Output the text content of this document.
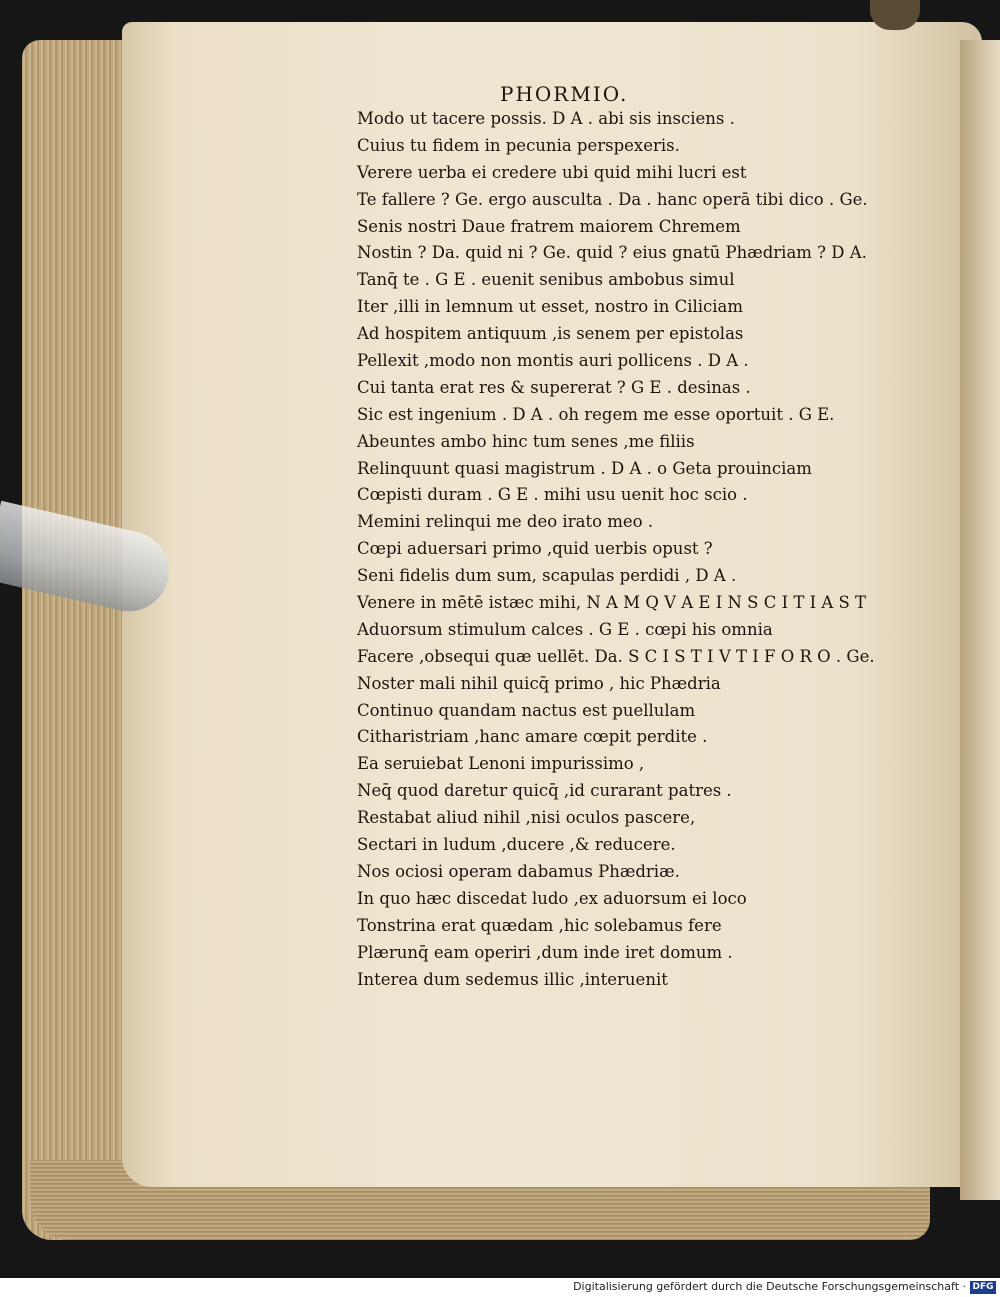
PHORMIO.
Modo ut tacere possis. D A . abi sis insciens .
Cuius tu fidem in pecunia perspexeris.
Verere uerba ei credere ubi quid mihi lucri est
Te fallere ? Ge. ergo ausculta . Da . hanc operā tibi dico . Ge.
Senis nostri Daue fratrem maiorem Chremem
Nostin ? Da. quid ni ? Ge. quid ? eius gnatū Phædriam ? D A.
Tanq̄ te . G E . euenit senibus ambobus simul
Iter ,illi in lemnum ut esset, nostro in Ciliciam
Ad hospitem antiquum ,is senem per epistolas
Pellexit ,modo non montis auri pollicens . D A .
Cui tanta erat res & supererat ? G E . desinas .
Sic est ingenium . D A . oh regem me esse oportuit . G E.
Abeuntes ambo hinc tum senes ,me filiis
Relinquunt quasi magistrum . D A . o Geta prouinciam
Cœpisti duram . G E . mihi usu uenit hoc scio .
Memini relinqui me deo irato meo .
Cœpi aduersari primo ,quid uerbis opust ?
Seni fidelis dum sum, scapulas perdidi , D A .
Venere in mētē istæc mihi, N A M Q V A E I N S C I T I A S T
Aduorsum stimulum calces . G E . cœpi his omnia
Facere ,obsequi quæ uellēt. Da. S C I S T I V T I F O R O . Ge.
Noster mali nihil quicq̄ primo , hic Phædria
Continuo quandam nactus est puellulam
Citharistriam ,hanc amare cœpit perdite .
Ea seruiebat Lenoni impurissimo ,
Neq̄ quod daretur quicq̄ ,id curarant patres .
Restabat aliud nihil ,nisi oculos pascere,
Sectari in ludum ,ducere ,& reducere.
Nos ociosi operam dabamus Phædriæ.
In quo hæc discedat ludo ,ex aduorsum ei loco
Tonstrina erat quædam ,hic solebamus fere
Plærunq̄ eam operiri ,dum inde iret domum .
Interea dum sedemus illic ,interuenit
Digitalisierung gefördert durch die Deutsche Forschungsgemeinschaft · DFG
